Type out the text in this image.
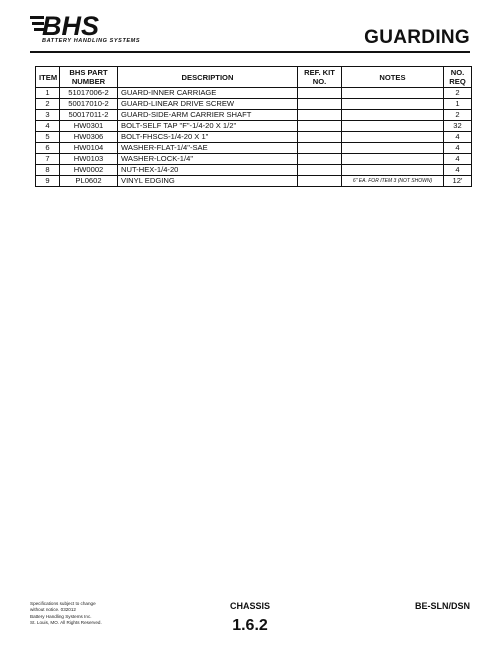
BHS
BATTERY HANDLING SYSTEMS	GUARDING
ITEM	BHS PART NUMBER	DESCRIPTION	REF. KIT NO.	NOTES	NO. REQ
1	51017006-2	GUARD-INNER CARRIAGE			2
2	50017010-2	GUARD-LINEAR DRIVE SCREW			1
3	50017011-2	GUARD-SIDE-ARM CARRIER SHAFT			2
4	HW0301	BOLT-SELF TAP "F"-1/4-20 X 1/2"			32
5	HW0306	BOLT-FHSCS-1/4-20 X 1"			4
6	HW0104	WASHER-FLAT-1/4"-SAE			4
7	HW0103	WASHER-LOCK-1/4"			4
8	HW0002	NUT-HEX-1/4-20			4
9	PL0602	VINYL EDGING		6" EA. FOR ITEM 3 (NOT SHOWN)	12'
Specifications subject to change
without notice. 032012
Battery Handling Systems Inc.
St. Louis, MO. All Rights Reserved.
CHASSIS
1.6.2
BE-SLN/DSN
